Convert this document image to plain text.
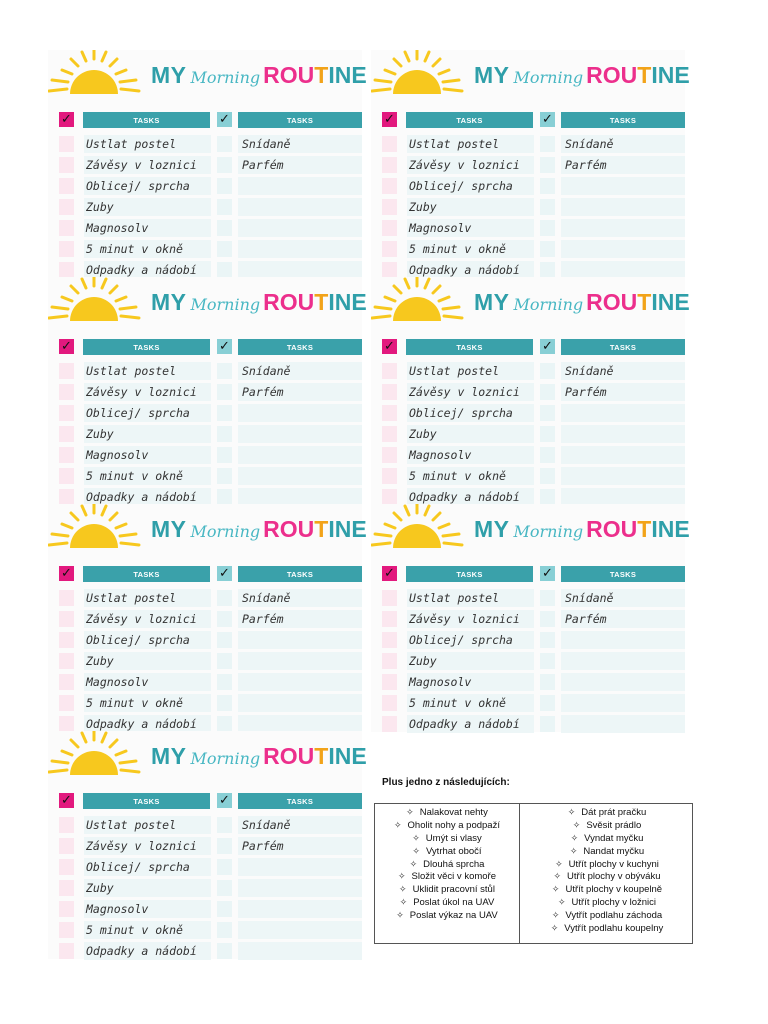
MY Morning ROUTINE
✓	TASKS	✓	TASKS
Ustlat postel	Snídaně
Závěsy v loznici	Parfém
Oblicej/ sprcha
Zuby
Magnosolv
5 minut v okně
Odpadky a nádobí
MY Morning ROUTINE
✓	TASKS	✓	TASKS
Ustlat postel	Snídaně
Závěsy v loznici	Parfém
Oblicej/ sprcha
Zuby
Magnosolv
5 minut v okně
Odpadky a nádobí
MY Morning ROUTINE
✓	TASKS	✓	TASKS
Ustlat postel	Snídaně
Závěsy v loznici	Parfém
Oblicej/ sprcha
Zuby
Magnosolv
5 minut v okně
Odpadky a nádobí
MY Morning ROUTINE
✓	TASKS	✓	TASKS
Ustlat postel	Snídaně
Závěsy v loznici	Parfém
Oblicej/ sprcha
Zuby
Magnosolv
5 minut v okně
Odpadky a nádobí
MY Morning ROUTINE
✓	TASKS	✓	TASKS
Ustlat postel	Snídaně
Závěsy v loznici	Parfém
Oblicej/ sprcha
Zuby
Magnosolv
5 minut v okně
Odpadky a nádobí
MY Morning ROUTINE
✓	TASKS	✓	TASKS
Ustlat postel	Snídaně
Závěsy v loznici	Parfém
Oblicej/ sprcha
Zuby
Magnosolv
5 minut v okně
Odpadky a nádobí
MY Morning ROUTINE
✓	TASKS	✓	TASKS
Ustlat postel	Snídaně
Závěsy v loznici	Parfém
Oblicej/ sprcha
Zuby
Magnosolv
5 minut v okně
Odpadky a nádobí
Plus jedno z následujících:
✧ Nalakovat nehty
✧ Oholit nohy a podpaží
✧ Umýt si vlasy
✧ Vytrhat obočí
✧ Dlouhá sprcha
✧ Složit věci v komoře
✧ Uklidit pracovní stůl
✧ Poslat úkol na UAV
✧ Poslat výkaz na UAV
✧ Dát prát pračku
✧ Svěsit prádlo
✧ Vyndat myčku
✧ Nandat myčku
✧ Utřít plochy v kuchyni
✧ Utřít plochy v obýváku
✧ Utřít plochy v koupelně
✧ Utřít plochy v ložnici
✧ Vytřít podlahu záchoda
✧ Vytřít podlahu koupelny
